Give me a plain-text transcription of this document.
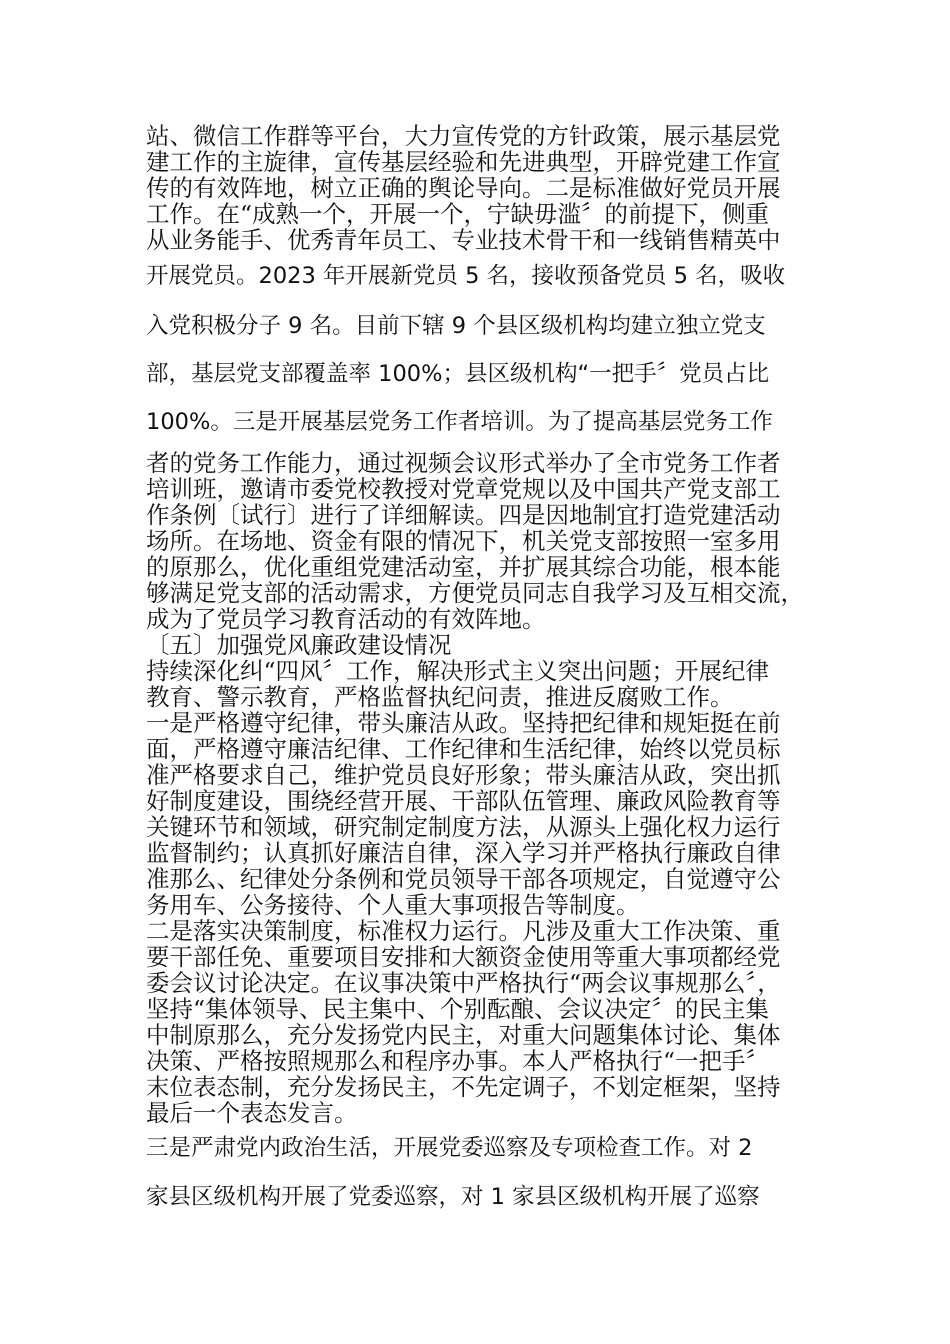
站、微信工作群等平台，大力宣传党的方针政策，展示基层党
建工作的主旋律，宣传基层经验和先进典型，开辟党建工作宣
传的有效阵地，树立正确的舆论导向。二是标准做好党员开展
工作。在“成熟一个，开展一个，宁缺毋滥〞的前提下，侧重
从业务能手、优秀青年员工、专业技术骨干和一线销售精英中
开展党员。2023 年开展新党员 5 名，接收预备党员 5 名，吸收
入党积极分子 9 名。目前下辖 9 个县区级机构均建立独立党支
部，基层党支部覆盖率 100%；县区级机构“一把手〞党员占比
100%。三是开展基层党务工作者培训。为了提高基层党务工作
者的党务工作能力，通过视频会议形式举办了全市党务工作者
培训班，邀请市委党校教授对党章党规以及中国共产党支部工
作条例〔试行〕进行了详细解读。四是因地制宜打造党建活动
场所。在场地、资金有限的情况下，机关党支部按照一室多用
的原那么，优化重组党建活动室，并扩展其综合功能，根本能
够满足党支部的活动需求，方便党员同志自我学习及互相交流，
成为了党员学习教育活动的有效阵地。
〔五〕加强党风廉政建设情况
持续深化纠“四风〞工作，解决形式主义突出问题；开展纪律
教育、警示教育，严格监督执纪问责，推进反腐败工作。
一是严格遵守纪律，带头廉洁从政。坚持把纪律和规矩挺在前
面，严格遵守廉洁纪律、工作纪律和生活纪律，始终以党员标
准严格要求自己，维护党员良好形象；带头廉洁从政，突出抓
好制度建设，围绕经营开展、干部队伍管理、廉政风险教育等
关键环节和领域，研究制定制度方法，从源头上强化权力运行
监督制约；认真抓好廉洁自律，深入学习并严格执行廉政自律
准那么、纪律处分条例和党员领导干部各项规定，自觉遵守公
务用车、公务接待、个人重大事项报告等制度。
二是落实决策制度，标准权力运行。凡涉及重大工作决策、重
要干部任免、重要项目安排和大额资金使用等重大事项都经党
委会议讨论决定。在议事决策中严格执行“两会议事规那么〞，
坚持“集体领导、民主集中、个别酝酿、会议决定〞的民主集
中制原那么，充分发扬党内民主，对重大问题集体讨论、集体
决策、严格按照规那么和程序办事。本人严格执行“一把手〞
末位表态制，充分发扬民主，不先定调子，不划定框架，坚持
最后一个表态发言。
三是严肃党内政治生活，开展党委巡察及专项检查工作。对 2
家县区级机构开展了党委巡察，对 1 家县区级机构开展了巡察
